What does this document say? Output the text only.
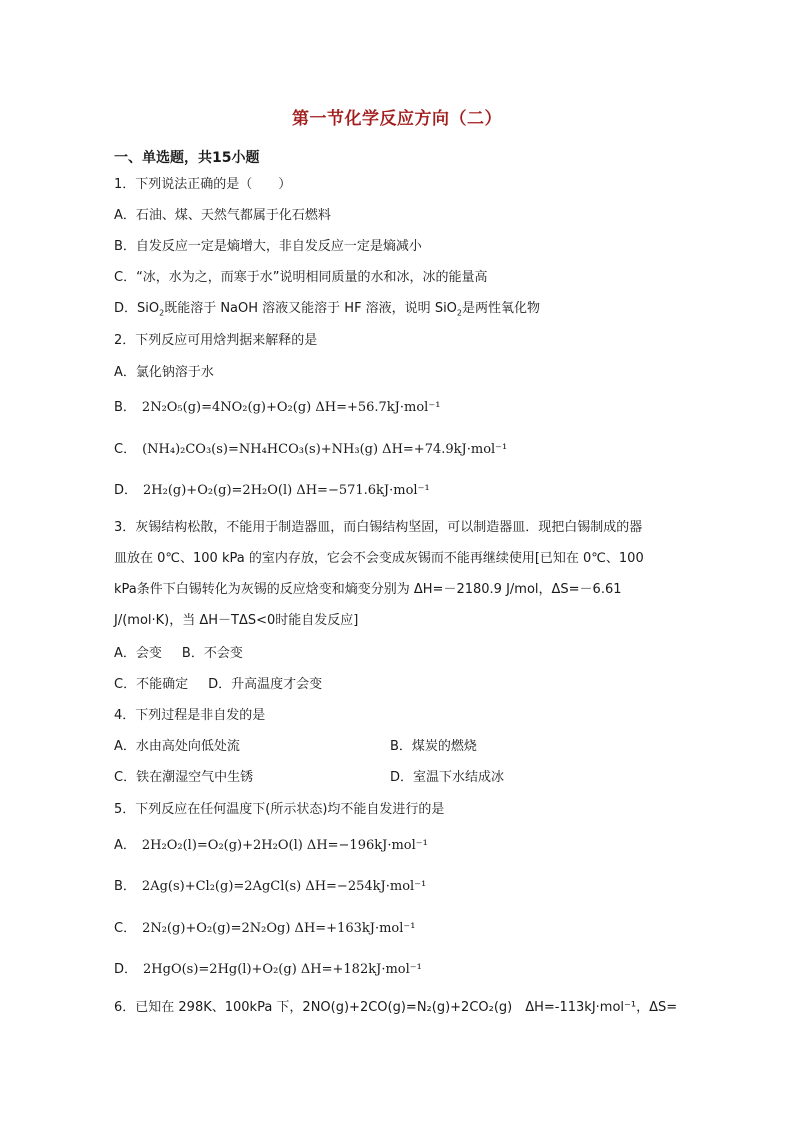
第一节化学反应方向（二）
一、单选题，共15小题
1．下列说法正确的是（　　）
A．石油、煤、天然气都属于化石燃料
B．自发反应一定是熵增大，非自发反应一定是熵减小
C．“冰，水为之，而寒于水”说明相同质量的水和冰，冰的能量高
D．SiO$_2$既能溶于 NaOH 溶液又能溶于 HF 溶液，说明 SiO$_2$是两性氧化物
2．下列反应可用焓判据来解释的是
A．氯化钠溶于水
B． 2N₂O₅(g)=4NO₂(g)+O₂(g) ΔH=+56.7kJ·mol⁻¹
C． (NH₄)₂CO₃(s)=NH₄HCO₃(s)+NH₃(g) ΔH=+74.9kJ·mol⁻¹
D． 2H₂(g)+O₂(g)=2H₂O(l) ΔH=−571.6kJ·mol⁻¹
3．灰锡结构松散，不能用于制造器皿，而白锡结构坚固，可以制造器皿．现把白锡制成的器
皿放在 0℃、100 kPa 的室内存放，它会不会变成灰锡而不能再继续使用[已知在 0℃、100
kPa条件下白锡转化为灰锡的反应焓变和熵变分别为 ΔH=－2180.9 J/mol，ΔS=－6.61
J/(mol·K)，当 ΔH－TΔS<0时能自发反应]
A．会变 B．不会变
C．不能确定 D．升高温度才会变
4．下列过程是非自发的是
A．水由高处向低处流	B．煤炭的燃烧
C．铁在潮湿空气中生锈	D．室温下水结成冰
5．下列反应在任何温度下(所示状态)均不能自发进行的是
A． 2H₂O₂(l)=O₂(g)+2H₂O(l) ΔH=−196kJ·mol⁻¹
B． 2Ag(s)+Cl₂(g)=2AgCl(s) ΔH=−254kJ·mol⁻¹
C． 2N₂(g)+O₂(g)=2N₂Og) ΔH=+163kJ·mol⁻¹
D． 2HgO(s)=2Hg(l)+O₂(g) ΔH=+182kJ·mol⁻¹
6．已知在 298K、100kPa 下，2NO(g)+2CO(g)=N₂(g)+2CO₂(g)　ΔH=-113kJ·mol⁻¹，ΔS=
